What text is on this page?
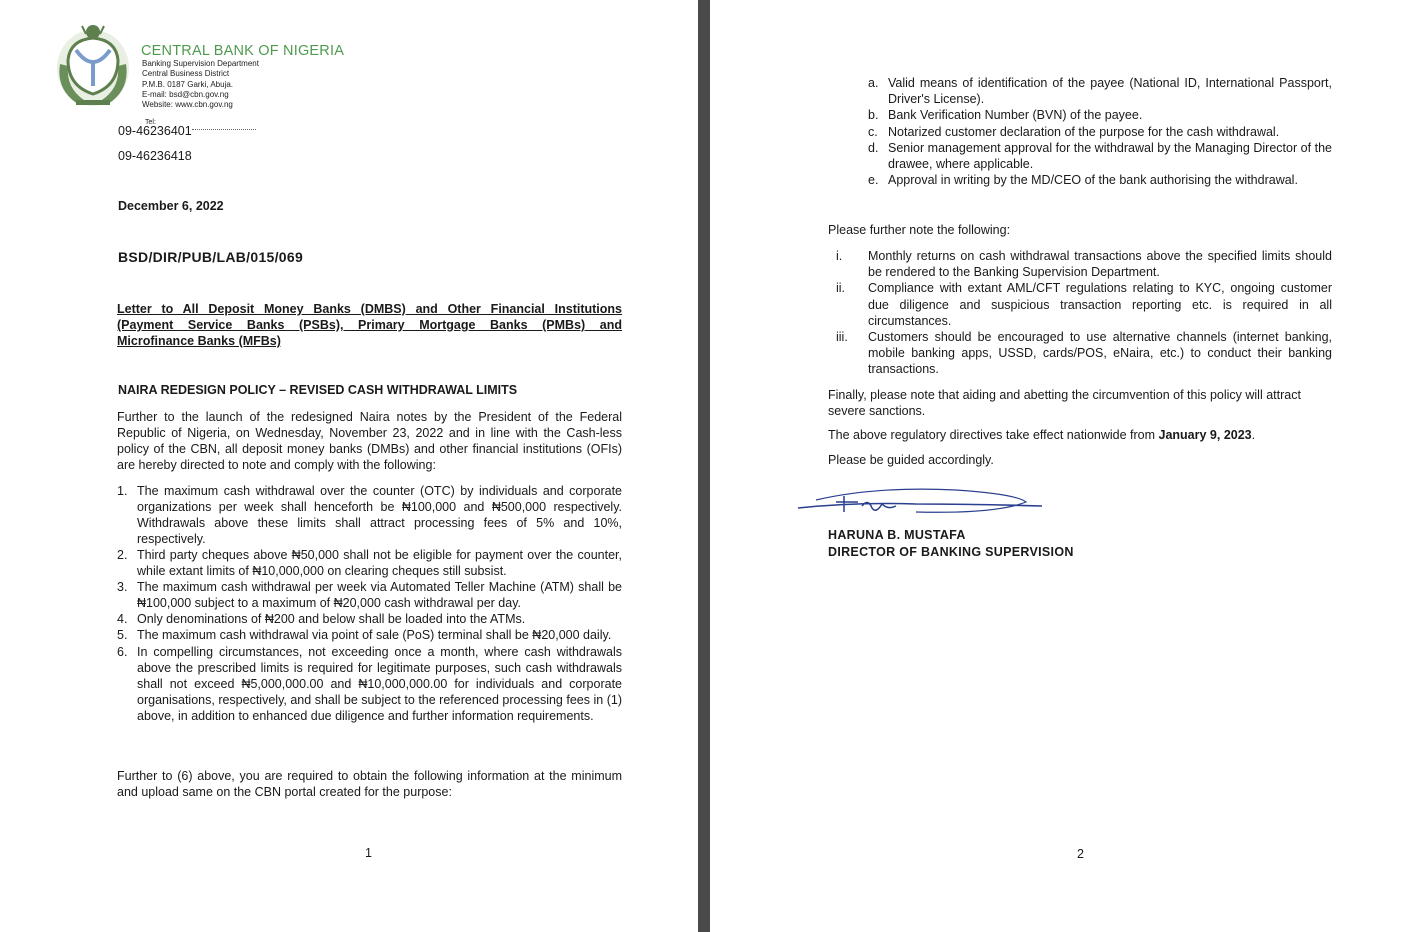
CENTRAL BANK OF NIGERIA
Banking Supervision Department
Central Business District
P.M.B. 0187 Garki, Abuja.
E-mail: bsd@cbn.gov.ng
Website: www.cbn.gov.ng
Tel:
09-46236401
09-46236418
December 6, 2022
BSD/DIR/PUB/LAB/015/069
Letter to All Deposit Money Banks (DMBS) and Other Financial Institutions
(Payment Service Banks (PSBs), Primary Mortgage Banks (PMBs) and
Microfinance Banks (MFBs)
NAIRA REDESIGN POLICY – REVISED CASH WITHDRAWAL LIMITS
Further to the launch of the redesigned Naira notes by the President of the Federal Republic of Nigeria, on Wednesday, November 23, 2022 and in line with the Cash-less policy of the CBN, all deposit money banks (DMBs) and other financial institutions (OFIs) are hereby directed to note and comply with the following:
1. The maximum cash withdrawal over the counter (OTC) by individuals and corporate organizations per week shall henceforth be ₦100,000 and ₦500,000 respectively. Withdrawals above these limits shall attract processing fees of 5% and 10%, respectively.
2. Third party cheques above ₦50,000 shall not be eligible for payment over the counter, while extant limits of ₦10,000,000 on clearing cheques still subsist.
3. The maximum cash withdrawal per week via Automated Teller Machine (ATM) shall be ₦100,000 subject to a maximum of ₦20,000 cash withdrawal per day.
4. Only denominations of ₦200 and below shall be loaded into the ATMs.
5. The maximum cash withdrawal via point of sale (PoS) terminal shall be ₦20,000 daily.
6. In compelling circumstances, not exceeding once a month, where cash withdrawals above the prescribed limits is required for legitimate purposes, such cash withdrawals shall not exceed ₦5,000,000.00 and ₦10,000,000.00 for individuals and corporate organisations, respectively, and shall be subject to the referenced processing fees in (1) above, in addition to enhanced due diligence and further information requirements.
Further to (6) above, you are required to obtain the following information at the minimum and upload same on the CBN portal created for the purpose:
1
a. Valid means of identification of the payee (National ID, International Passport, Driver's License).
b. Bank Verification Number (BVN) of the payee.
c. Notarized customer declaration of the purpose for the cash withdrawal.
d. Senior management approval for the withdrawal by the Managing Director of the drawee, where applicable.
e. Approval in writing by the MD/CEO of the bank authorising the withdrawal.
Please further note the following:
i.	Monthly returns on cash withdrawal transactions above the specified limits should be rendered to the Banking Supervision Department.
ii.	Compliance with extant AML/CFT regulations relating to KYC, ongoing customer due diligence and suspicious transaction reporting etc. is required in all circumstances.
iii.	Customers should be encouraged to use alternative channels (internet banking, mobile banking apps, USSD, cards/POS, eNaira, etc.) to conduct their banking transactions.
Finally, please note that aiding and abetting the circumvention of this policy will attract severe sanctions.
The above regulatory directives take effect nationwide from January 9, 2023.
Please be guided accordingly.
HARUNA B. MUSTAFA
DIRECTOR OF BANKING SUPERVISION
2
